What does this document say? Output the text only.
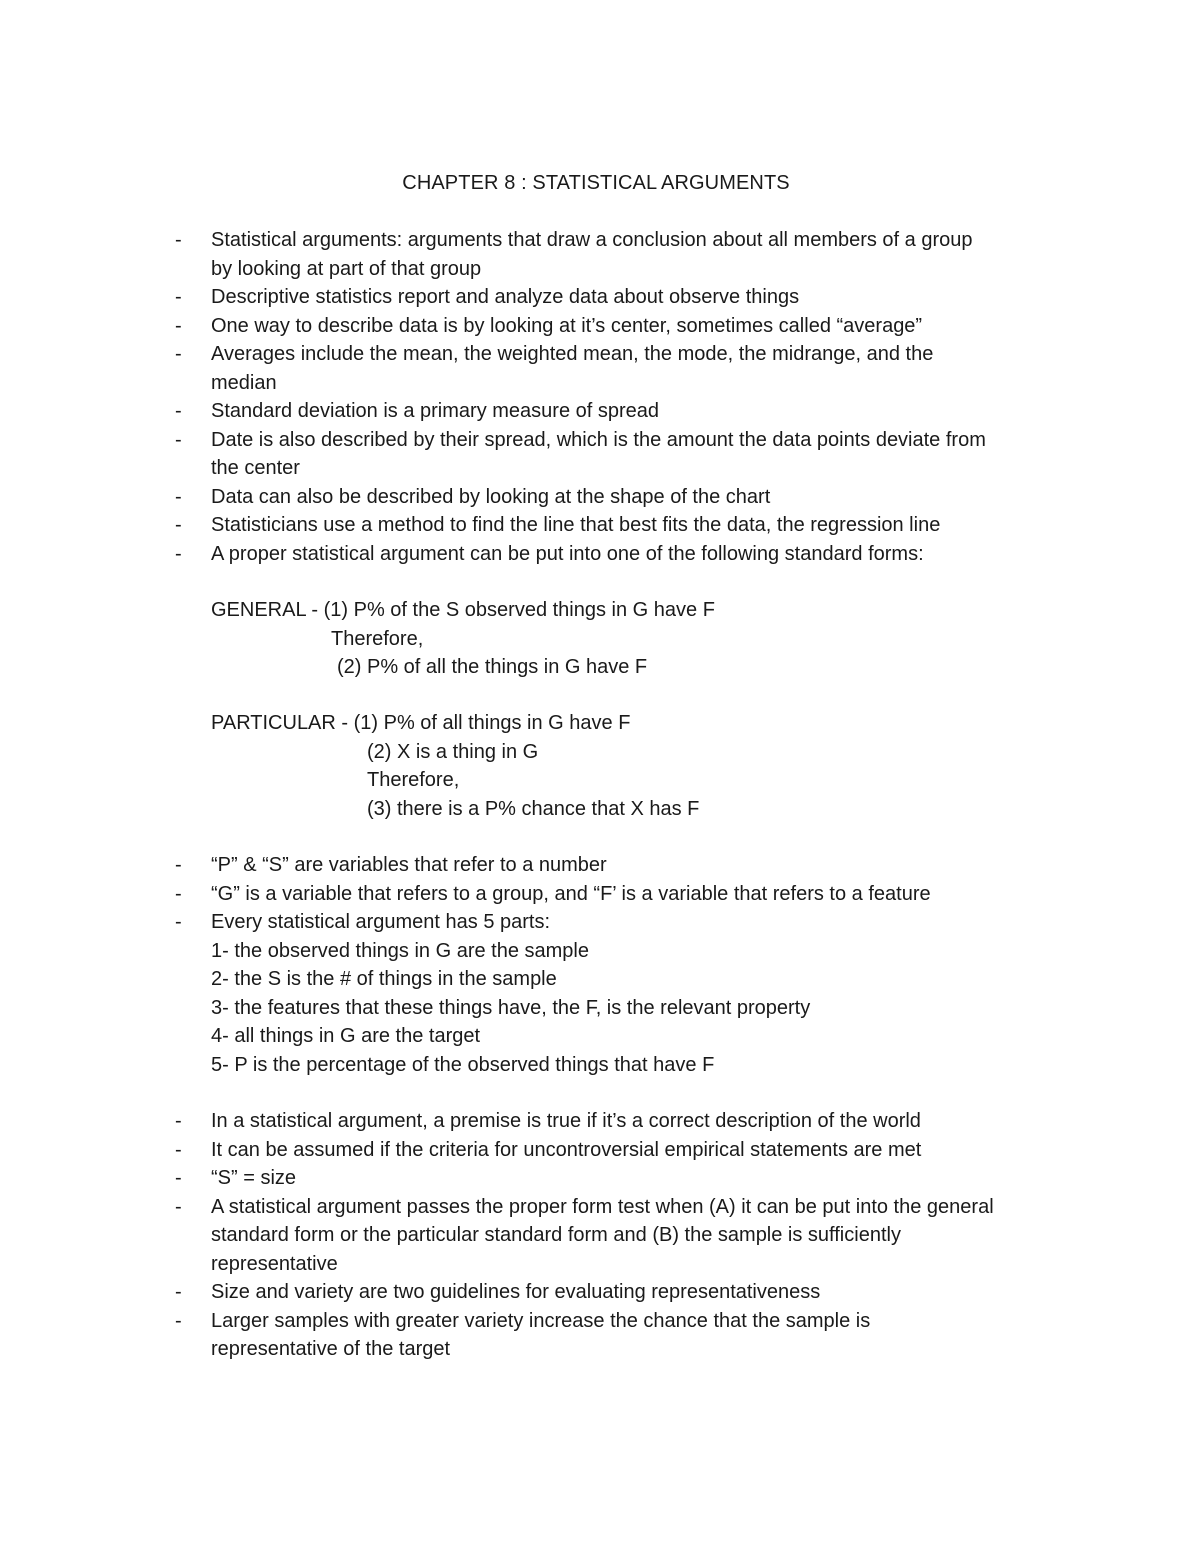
CHAPTER 8 : STATISTICAL ARGUMENTS
- Statistical arguments: arguments that draw a conclusion about all members of a group
by looking at part of that group
- Descriptive statistics report and analyze data about observe things
- One way to describe data is by looking at it’s center, sometimes called “average”
- Averages include the mean, the weighted mean, the mode, the midrange, and the
median
- Standard deviation is a primary measure of spread
- Date is also described by their spread, which is the amount the data points deviate from
the center
- Data can also be described by looking at the shape of the chart
- Statisticians use a method to find the line that best fits the data, the regression line
- A proper statistical argument can be put into one of the following standard forms:
GENERAL - (1) P% of the S observed things in G have F
Therefore,
(2) P% of all the things in G have F
PARTICULAR - (1) P% of all things in G have F
(2) X is a thing in G
Therefore,
(3) there is a P% chance that X has F
- “P” & “S” are variables that refer to a number
- “G” is a variable that refers to a group, and “F’ is a variable that refers to a feature
- Every statistical argument has 5 parts:
1- the observed things in G are the sample
2- the S is the # of things in the sample
3- the features that these things have, the F, is the relevant property
4- all things in G are the target
5- P is the percentage of the observed things that have F
- In a statistical argument, a premise is true if it’s a correct description of the world
- It can be assumed if the criteria for uncontroversial empirical statements are met
- “S” = size
- A statistical argument passes the proper form test when (A) it can be put into the general
standard form or the particular standard form and (B) the sample is sufficiently
representative
- Size and variety are two guidelines for evaluating representativeness
- Larger samples with greater variety increase the chance that the sample is
representative of the target
